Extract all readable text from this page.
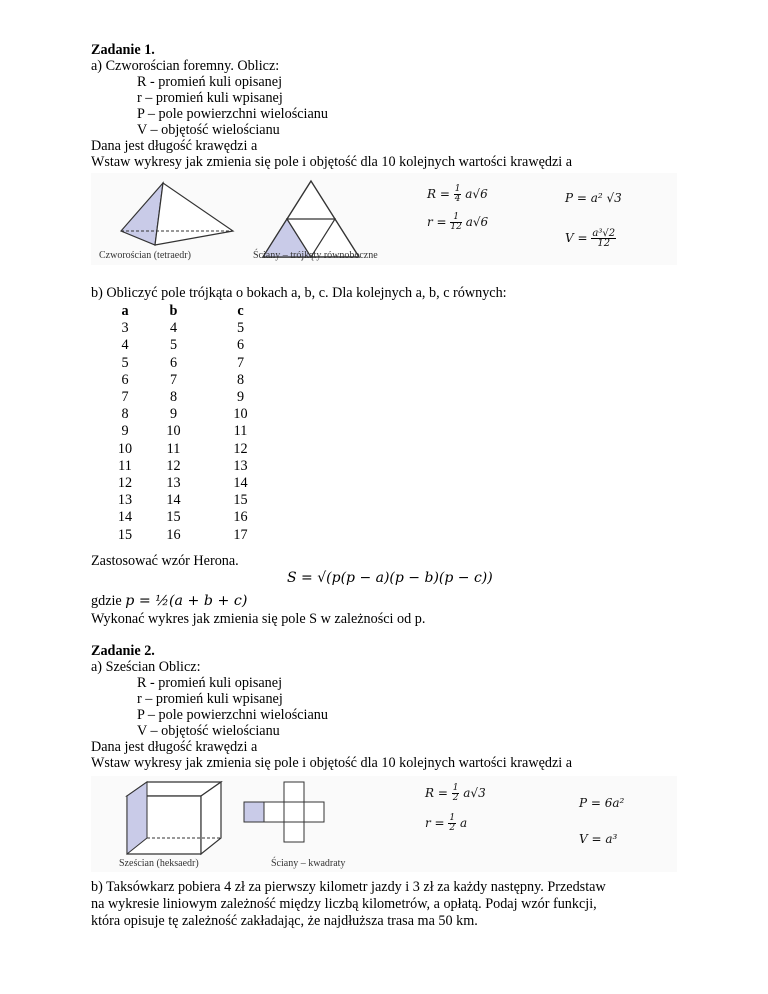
Zadanie 1.
a) Czworościan foremny. Oblicz:
R - promień kuli opisanej
r – promień kuli wpisanej
P – pole powierzchni wielościanu
V – objętość wielościanu
Dana jest długość krawędzi a
Wstaw wykresy jak zmienia się pole i objętość dla 10 kolejnych wartości krawędzi a
Czworościan (tetraedr)	Ściany – trójkąty równoboczne
$R = \frac{1}{4} a√6$
$r = \frac{1}{12} a√6$
P = a² √3
$V = \frac{\text{a³√2}}{12}$
b) Obliczyć pole trójkąta o bokach a, b, c. Dla kolejnych a, b, c równych:
a	b	c
3	4	5
4	5	6
5	6	7
6	7	8
7	8	9
8	9	10
9	10	11
10	11	12
11	12	13
12	13	14
13	14	15
14	15	16
15	16	17
Zastosować wzór Herona.
S = √(p(p − a)(p − b)(p − c))
gdzie p = ½(a + b + c)
Wykonać wykres jak zmienia się pole S w zależności od p.
Zadanie 2.
a) Sześcian Oblicz:
R - promień kuli opisanej
r – promień kuli wpisanej
P – pole powierzchni wielościanu
V – objętość wielościanu
Dana jest długość krawędzi a
Wstaw wykresy jak zmienia się pole i objętość dla 10 kolejnych wartości krawędzi a
Sześcian (heksaedr)	Ściany – kwadraty
$R = \frac{1}{2} a√3$
$r = \frac{1}{2}$ a
P = 6a²
V = a³
b) Taksówkarz pobiera 4 zł za pierwszy kilometr jazdy i 3 zł za każdy następny. Przedstaw
na wykresie liniowym zależność między liczbą kilometrów, a opłatą. Podaj wzór funkcji,
która opisuje tę zależność zakładając, że najdłuższa trasa ma 50 km.
